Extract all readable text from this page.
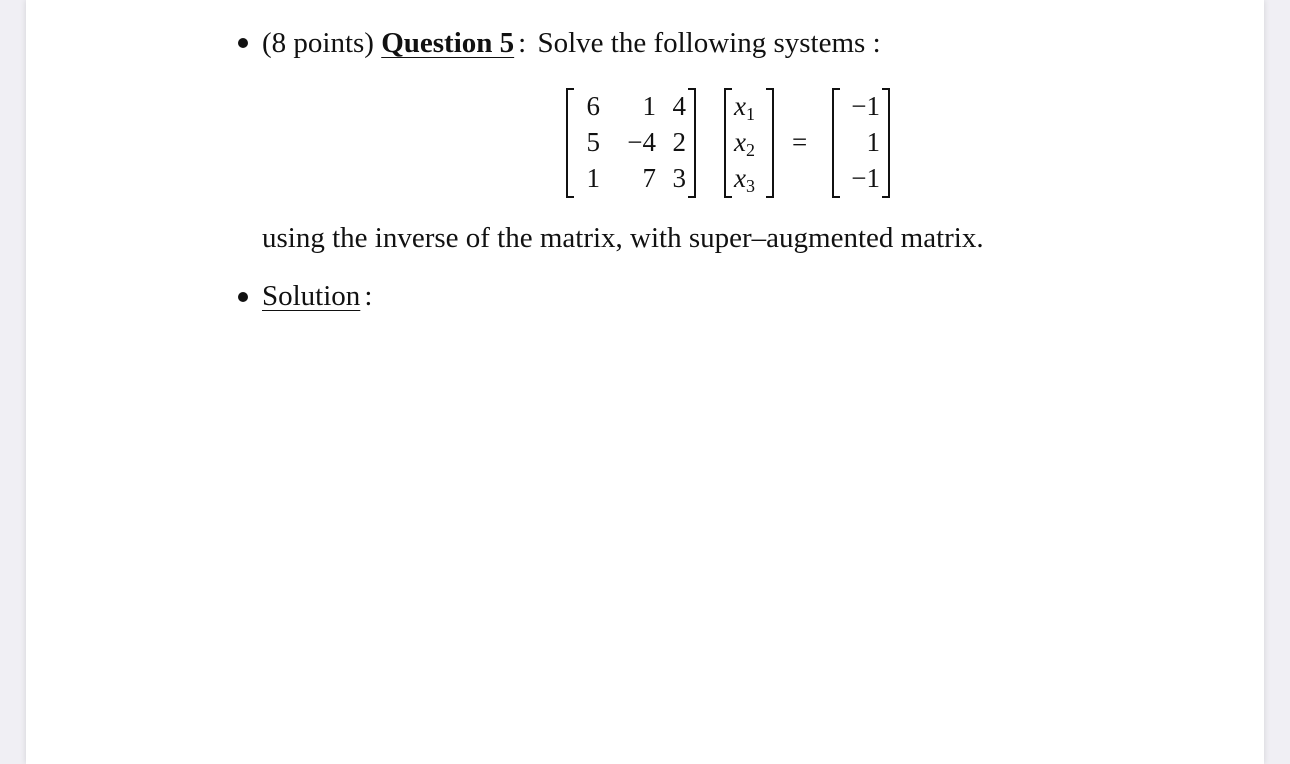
(8 points) Question 5 : Solve the following systems :
6	1 4
5	−4 2
1	7 3
$x_1$
$x_2$
$x_3$
=
−1
1
−1
using the inverse of the matrix, with super–augmented matrix.
Solution :
